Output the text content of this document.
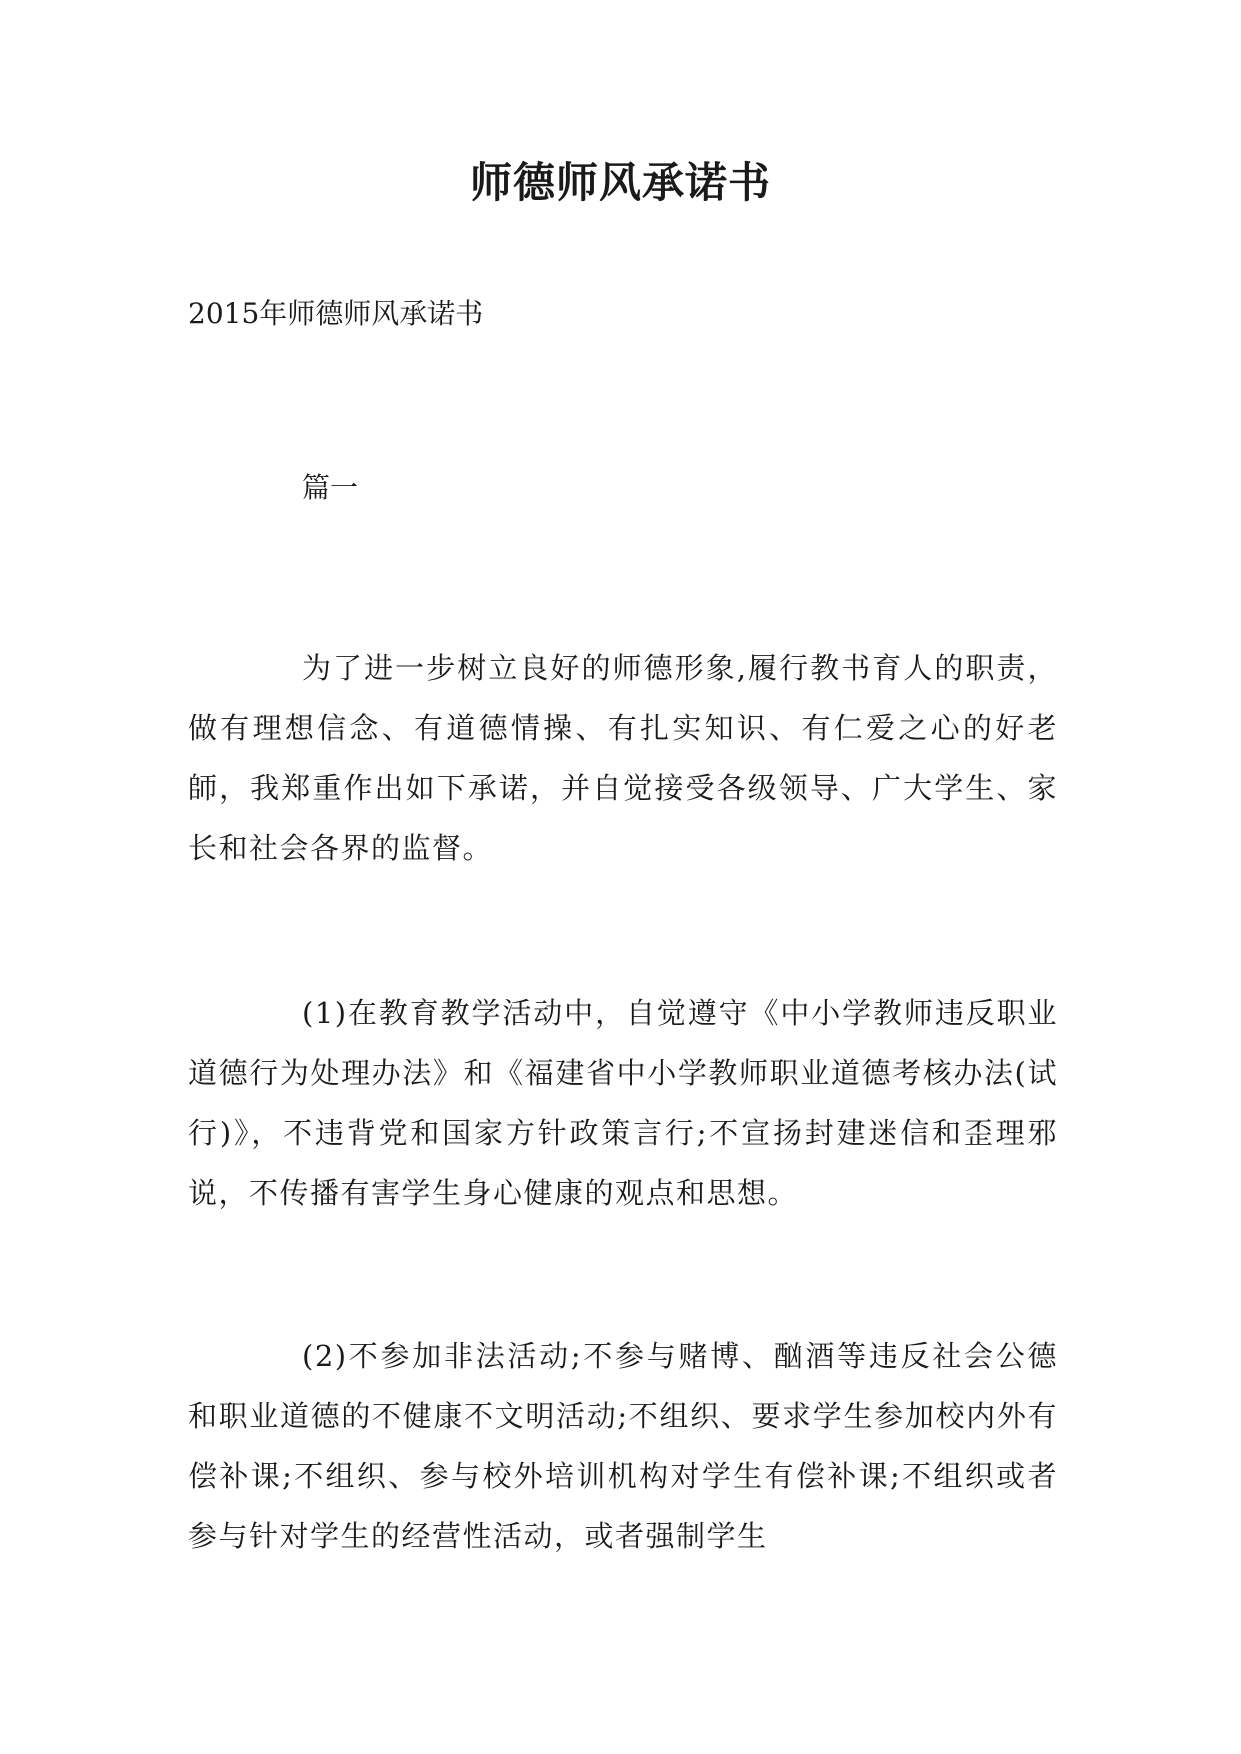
师德师风承诺书
2015年师德师风承诺书
篇一

为了进一步树立良好的师德形象,履行教书育人的职责，做有理想信念、有道德情操、有扎实知识、有仁爱之心的好老師，我郑重作出如下承诺，并自觉接受各级领导、广大学生、家长和社会各界的监督。

(1)在教育教学活动中，自觉遵守《中小学教师违反职业道德行为处理办法》和《福建省中小学教师职业道德考核办法(试行)》，不违背党和国家方针政策言行;不宣扬封建迷信和歪理邪说，不传播有害学生身心健康的观点和思想。

(2)不参加非法活动;不参与赌博、酗酒等违反社会公德和职业道德的不健康不文明活动;不组织、要求学生参加校内外有偿补课;不组织、参与校外培训机构对学生有偿补课;不组织或者参与针对学生的经营性活动，或者强制学生
